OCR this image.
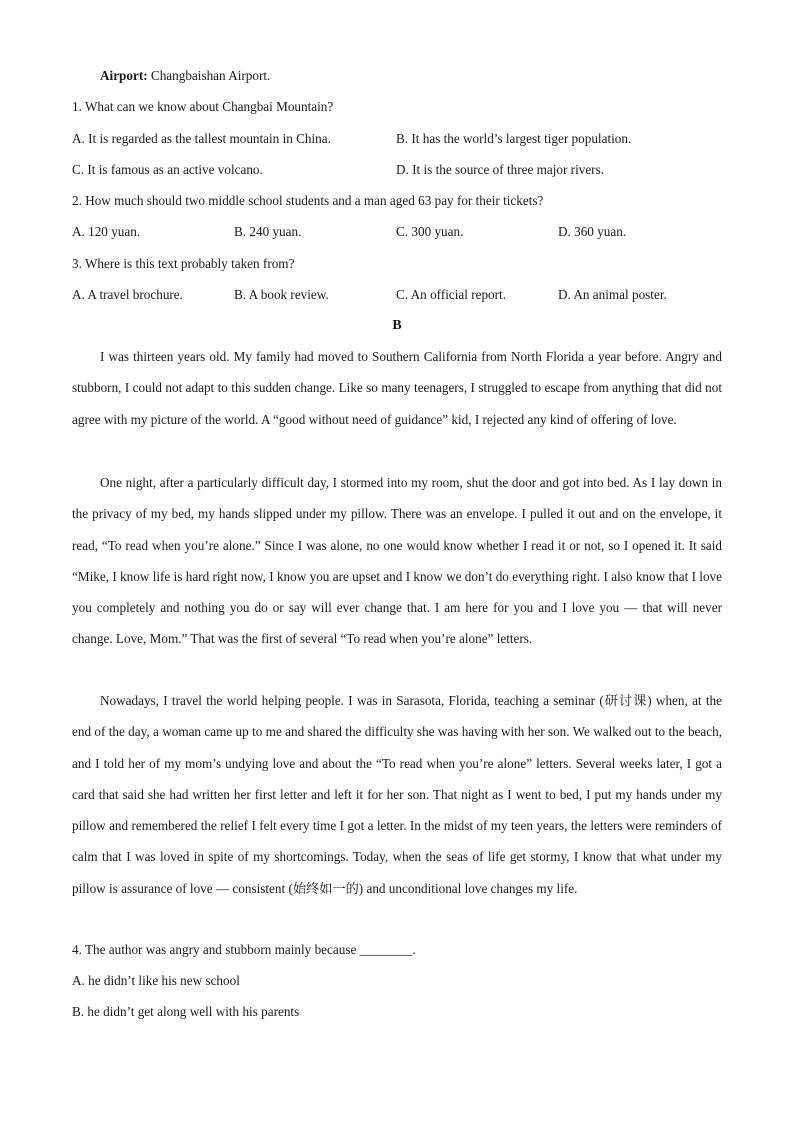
Airport: Changbaishan Airport.
1. What can we know about Changbai Mountain?
A. It is regarded as the tallest mountain in China.	B. It has the world’s largest tiger population.
C. It is famous as an active volcano.	D. It is the source of three major rivers.
2. How much should two middle school students and a man aged 63 pay for their tickets?
A. 120 yuan.	B. 240 yuan.	C. 300 yuan.	D. 360 yuan.
3. Where is this text probably taken from?
A. A travel brochure.	B. A book review.	C. An official report.	D. An animal poster.
B

I was thirteen years old. My family had moved to Southern California from North Florida a year before. Angry and stubborn, I could not adapt to this sudden change. Like so many teenagers, I struggled to escape from anything that did not agree with my picture of the world. A “good without need of guidance” kid, I rejected any kind of offering of love.

One night, after a particularly difficult day, I stormed into my room, shut the door and got into bed. As I lay down in the privacy of my bed, my hands slipped under my pillow. There was an envelope. I pulled it out and on the envelope, it read, “To read when you’re alone.” Since I was alone, no one would know whether I read it or not, so I opened it. It said “Mike, I know life is hard right now, I know you are upset and I know we don’t do everything right. I also know that I love you completely and nothing you do or say will ever change that. I am here for you and I love you — that will never change. Love, Mom.” That was the first of several “To read when you’re alone” letters.

Nowadays, I travel the world helping people. I was in Sarasota, Florida, teaching a seminar (研讨课) when, at the end of the day, a woman came up to me and shared the difficulty she was having with her son. We walked out to the beach, and I told her of my mom’s undying love and about the “To read when you’re alone” letters. Several weeks later, I got a card that said she had written her first letter and left it for her son. That night as I went to bed, I put my hands under my pillow and remembered the relief I felt every time I got a letter. In the midst of my teen years, the letters were reminders of calm that I was loved in spite of my shortcomings. Today, when the seas of life get stormy, I know that what under my pillow is assurance of love — consistent (始终如一的) and unconditional love changes my life.

4. The author was angry and stubborn mainly because ________.
A. he didn’t like his new school
B. he didn’t get along well with his parents
